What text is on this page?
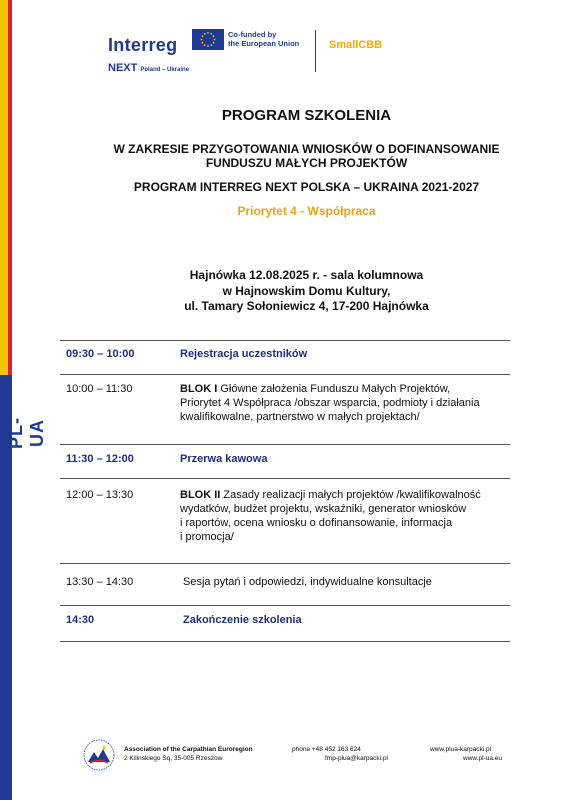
PL-UA
Interreg
NEXT Poland – Ukraine
Co-funded by
the European Union	SmallCBB
PROGRAM SZKOLENIA
W ZAKRESIE PRZYGOTOWANIA WNIOSKÓW O DOFINANSOWANIE
FUNDUSZU MAŁYCH PROJEKTÓW
PROGRAM INTERREG NEXT POLSKA – UKRAINA 2021-2027
Priorytet 4 - Współpraca
Hajnówka 12.08.2025 r. - sala kolumnowa
w Hajnowskim Domu Kultury,
ul. Tamary Sołoniewicz 4, 17-200 Hajnówka
09:30 – 10:00	Rejestracja uczestników
10:00 – 11:30	BLOK I Główne założenia Funduszu Małych Projektów,
Priorytet 4 Współpraca /obszar wsparcia, podmioty i działania
kwalifikowalne, partnerstwo w małych projektach/
11:30 – 12:00	Przerwa kawowa
12:00 – 13:30	BLOK II Zasady realizacji małych projektów /kwalifikowalność
wydatków, budżet projektu, wskaźniki, generator wniosków
i raportów, ocena wniosku o dofinansowanie, informacja
i promocja/
13:30 – 14:30	Sesja pytań i odpowiedzi, indywidualne konsultacje
14:30	Zakończenie szkolenia
Association of the Carpathian Euroregion
2 Kilinskiego Sq, 35-005 Rzeszow
phone +48 452 163 624
fmp-plua@karpacki.pl
www.plua-karpacki.pl
www.pl-ua.eu
